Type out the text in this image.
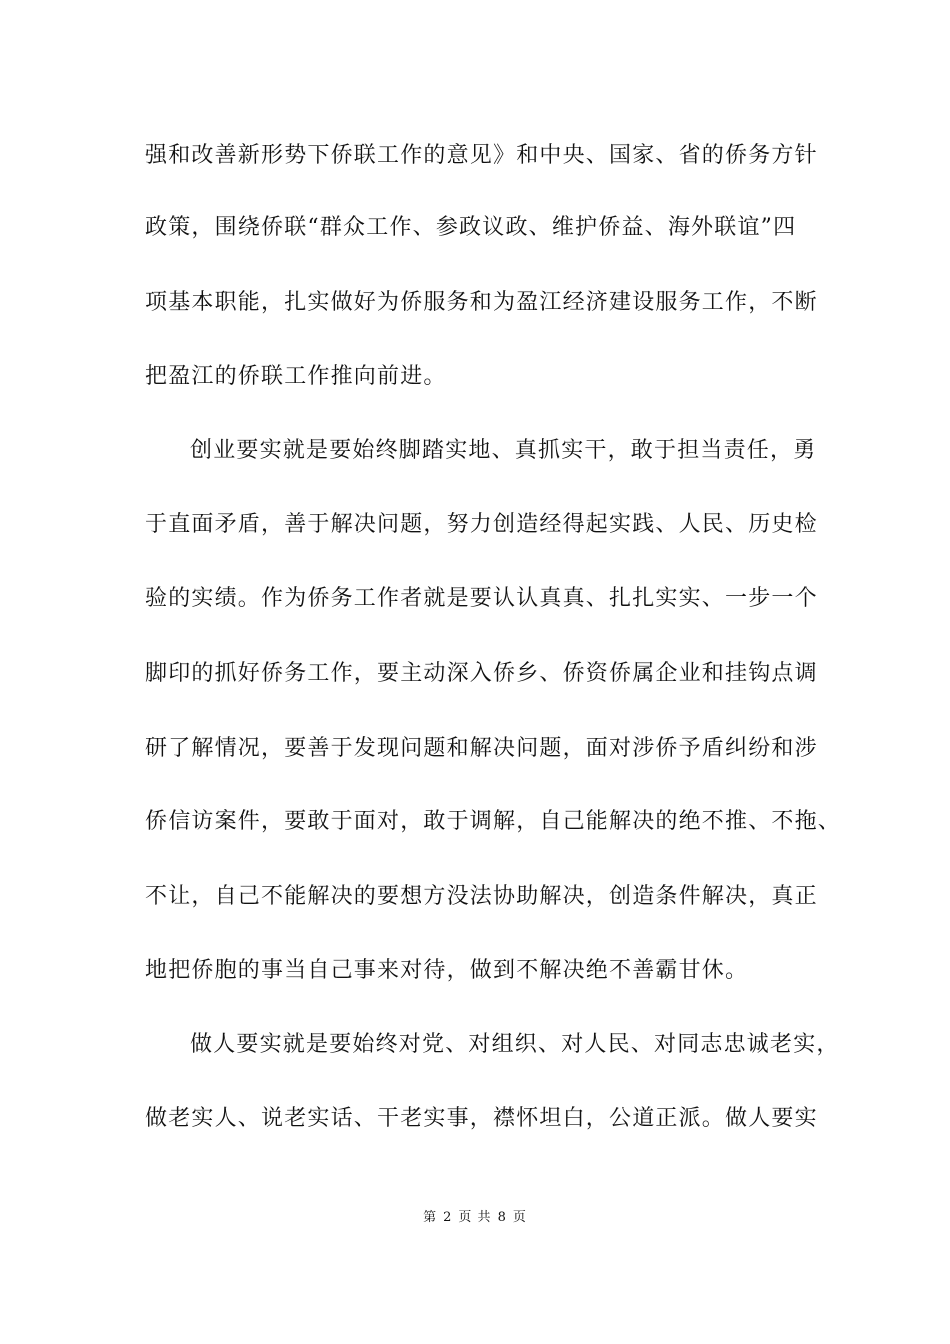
强和改善新形势下侨联工作的意见》和中央、国家、省的侨务方针
政策，围绕侨联“群众工作、参政议政、维护侨益、海外联谊”四
项基本职能，扎实做好为侨服务和为盈江经济建设服务工作，不断
把盈江的侨联工作推向前进。
创业要实就是要始终脚踏实地、真抓实干，敢于担当责任，勇
于直面矛盾，善于解决问题，努力创造经得起实践、人民、历史检
验的实绩。作为侨务工作者就是要认认真真、扎扎实实、一步一个
脚印的抓好侨务工作，要主动深入侨乡、侨资侨属企业和挂钩点调
研了解情况，要善于发现问题和解决问题，面对涉侨予盾纠纷和涉
侨信访案件，要敢于面对，敢于调解，自己能解决的绝不推、不拖、
不让，自己不能解决的要想方没法协助解决，创造条件解决，真正
地把侨胞的事当自己事来对待，做到不解决绝不善霸甘休。
做人要实就是要始终对党、对组织、对人民、对同志忠诚老实，
做老实人、说老实话、干老实事，襟怀坦白，公道正派。做人要实
第 2 页 共 8 页
